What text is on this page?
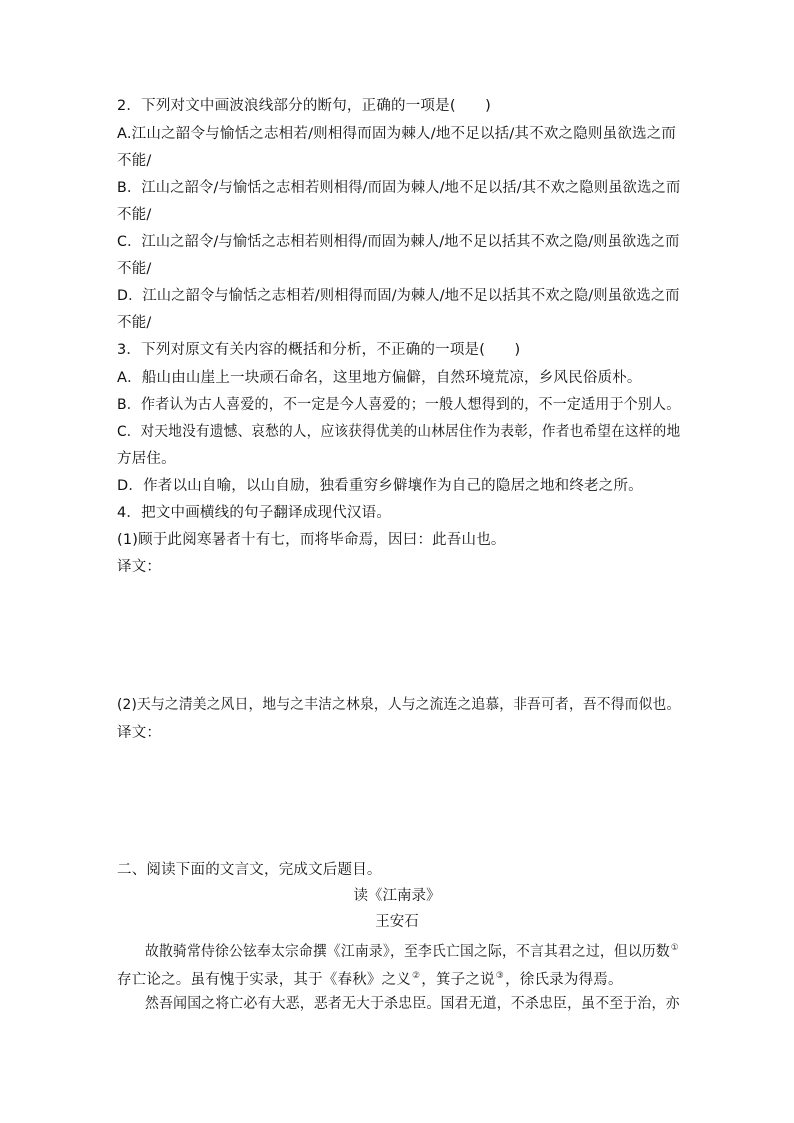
2．下列对文中画波浪线部分的断句，正确的一项是(　　)
A.江山之韶令与愉恬之志相若/则相得而固为棘人/地不足以括/其不欢之隐则虽欲选之而
不能/
B．江山之韶令/与愉恬之志相若则相得/而固为棘人/地不足以括/其不欢之隐则虽欲选之而
不能/
C．江山之韶令/与愉恬之志相若则相得/而固为棘人/地不足以括其不欢之隐/则虽欲选之而
不能/
D．江山之韶令与愉恬之志相若/则相得而固/为棘人/地不足以括其不欢之隐/则虽欲选之而
不能/
3．下列对原文有关内容的概括和分析，不正确的一项是(　　)
A．船山由山崖上一块顽石命名，这里地方偏僻，自然环境荒凉，乡风民俗质朴。
B．作者认为古人喜爱的，不一定是今人喜爱的；一般人想得到的，不一定适用于个别人。
C．对天地没有遗憾、哀愁的人，应该获得优美的山林居住作为表彰，作者也希望在这样的地
方居住。
D．作者以山自喻，以山自励，独看重穷乡僻壤作为自己的隐居之地和终老之所。
4．把文中画横线的句子翻译成现代汉语。
(1)顾于此阅寒暑者十有七，而将毕命焉，因曰：此吾山也。
译文：
(2)天与之清美之风日，地与之丰洁之林泉，人与之流连之追慕，非吾可者，吾不得而似也。
译文：
二、阅读下面的文言文，完成文后题目。
读《江南录》
王安石
故散骑常侍徐公铉奉太宗命撰《江南录》，至李氏亡国之际，不言其君之过，但以历数①
存亡论之。虽有愧于实录，其于《春秋》之义②，箕子之说③，徐氏录为得焉。
然吾闻国之将亡必有大恶，恶者无大于杀忠臣。国君无道，不杀忠臣，虽不至于治，亦
